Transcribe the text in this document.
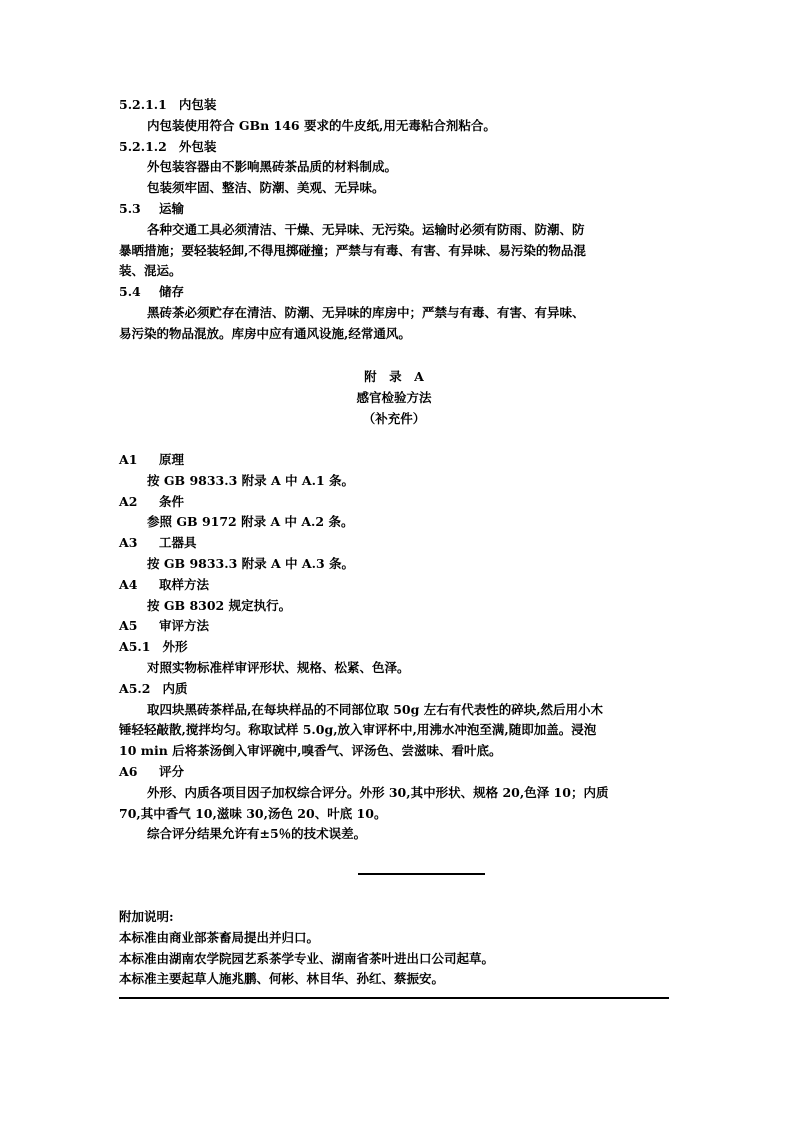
5.2.1.1 内包装
内包装使用符合 GBn 146 要求的牛皮纸,用无毒粘合剂粘合。
5.2.1.2 外包装
外包装容器由不影响黑砖茶品质的材料制成。
包装须牢固、整洁、防潮、美观、无异味。
5.3 运输
各种交通工具必须清洁、干燥、无异味、无污染。运输时必须有防雨、防潮、防
暴晒措施；要轻装轻卸,不得甩掷碰撞；严禁与有毒、有害、有异味、易污染的物品混
装、混运。
5.4 储存
黑砖茶必须贮存在清洁、防潮、无异味的库房中；严禁与有毒、有害、有异味、
易污染的物品混放。库房中应有通风设施,经常通风。
附　录　A
感官检验方法
（补充件）
A1 原理
按 GB 9833.3 附录 A 中 A.1 条。
A2 条件
参照 GB 9172 附录 A 中 A.2 条。
A3 工器具
按 GB 9833.3 附录 A 中 A.3 条。
A4 取样方法
按 GB 8302 规定执行。
A5 审评方法
A5.1 外形
对照实物标准样审评形状、规格、松紧、色泽。
A5.2 内质
取四块黑砖茶样品,在每块样品的不同部位取 50g 左右有代表性的碎块,然后用小木
锤轻轻敲散,搅拌均匀。称取试样 5.0g,放入审评杯中,用沸水冲泡至满,随即加盖。浸泡
10 min 后将茶汤倒入审评碗中,嗅香气、评汤色、尝滋味、看叶底。
A6 评分
外形、内质各项目因子加权综合评分。外形 30,其中形状、规格 20,色泽 10；内质
70,其中香气 10,滋味 30,汤色 20、叶底 10。
综合评分结果允许有±5％的技术误差。
附加说明:
本标准由商业部茶畜局提出并归口。
本标准由湖南农学院园艺系茶学专业、湖南省茶叶进出口公司起草。
本标准主要起草人施兆鹏、何彬、林目华、孙红、蔡振安。
